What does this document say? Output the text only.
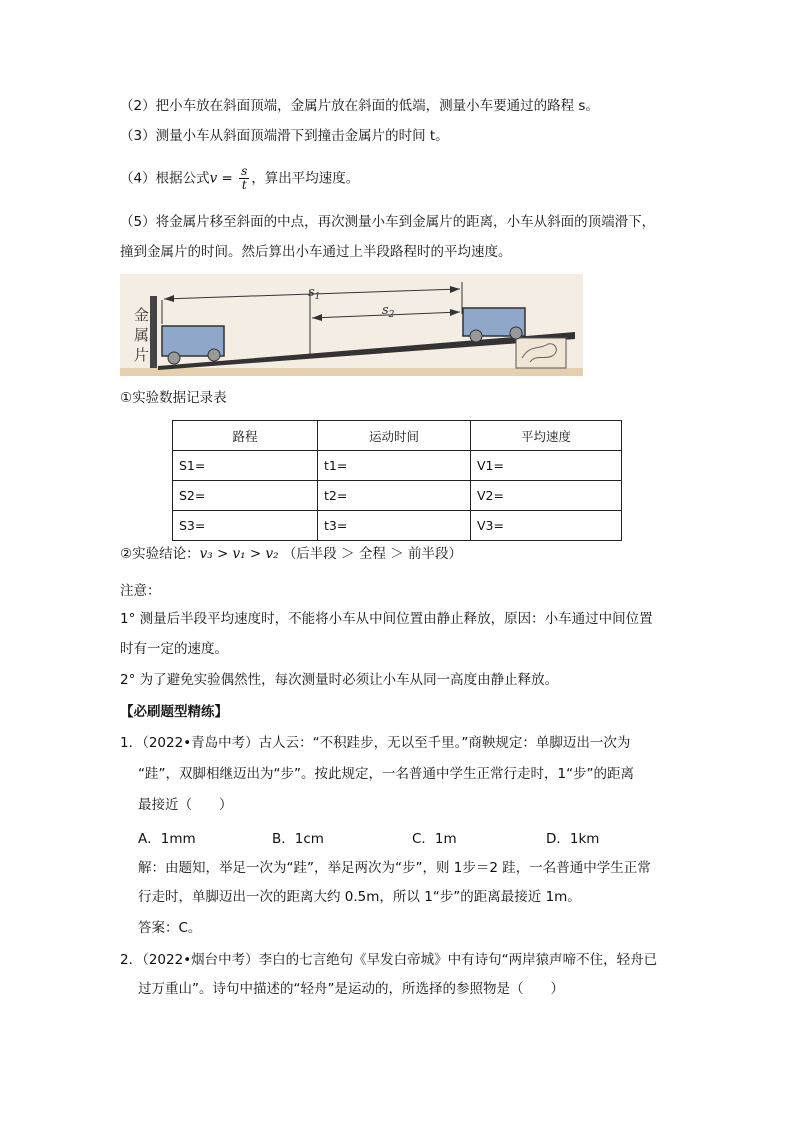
（2）把小车放在斜面顶端，金属片放在斜面的低端，测量小车要通过的路程 s。
（3）测量小车从斜面顶端滑下到撞击金属片的时间 t。
（4）根据公式$v = \frac{s}{t}$ ，算出平均速度。
（5）将金属片移至斜面的中点，再次测量小车到金属片的距离，小车从斜面的顶端滑下，
撞到金属片的时间。然后算出小车通过上半段路程时的平均速度。
金
属
片
$s_1$
$s_2$
①实验数据记录表
路程	运动时间	平均速度
S1=	t1=	V1=
S2=	t2=	V2=
S3=	t3=	V3=
②实验结论：v₃ > v₁ > v₂ （后半段 ＞ 全程 ＞ 前半段）
注意：
1° 测量后半段平均速度时，不能将小车从中间位置由静止释放，原因：小车通过中间位置
时有一定的速度。
2° 为了避免实验偶然性，每次测量时必须让小车从同一高度由静止释放。
【必刷题型精练】
1．（2022•青岛中考）古人云：“不积跬步，无以至千里。”商鞅规定：单脚迈出一次为
“跬”，双脚相继迈出为“步”。按此规定，一名普通中学生正常行走时，1“步”的距离
最接近（　　）
A．1mm	B．1cm	C．1m	D．1km
解：由题知，举足一次为“跬”，举足两次为“步”，则 1步＝2 跬，一名普通中学生正常
行走时，单脚迈出一次的距离大约 0.5m，所以 1“步”的距离最接近 1m。
答案：C。
2．（2022•烟台中考）李白的七言绝句《早发白帝城》中有诗句“两岸猿声啼不住，轻舟已
过万重山”。诗句中描述的“轻舟”是运动的，所选择的参照物是（　　）
